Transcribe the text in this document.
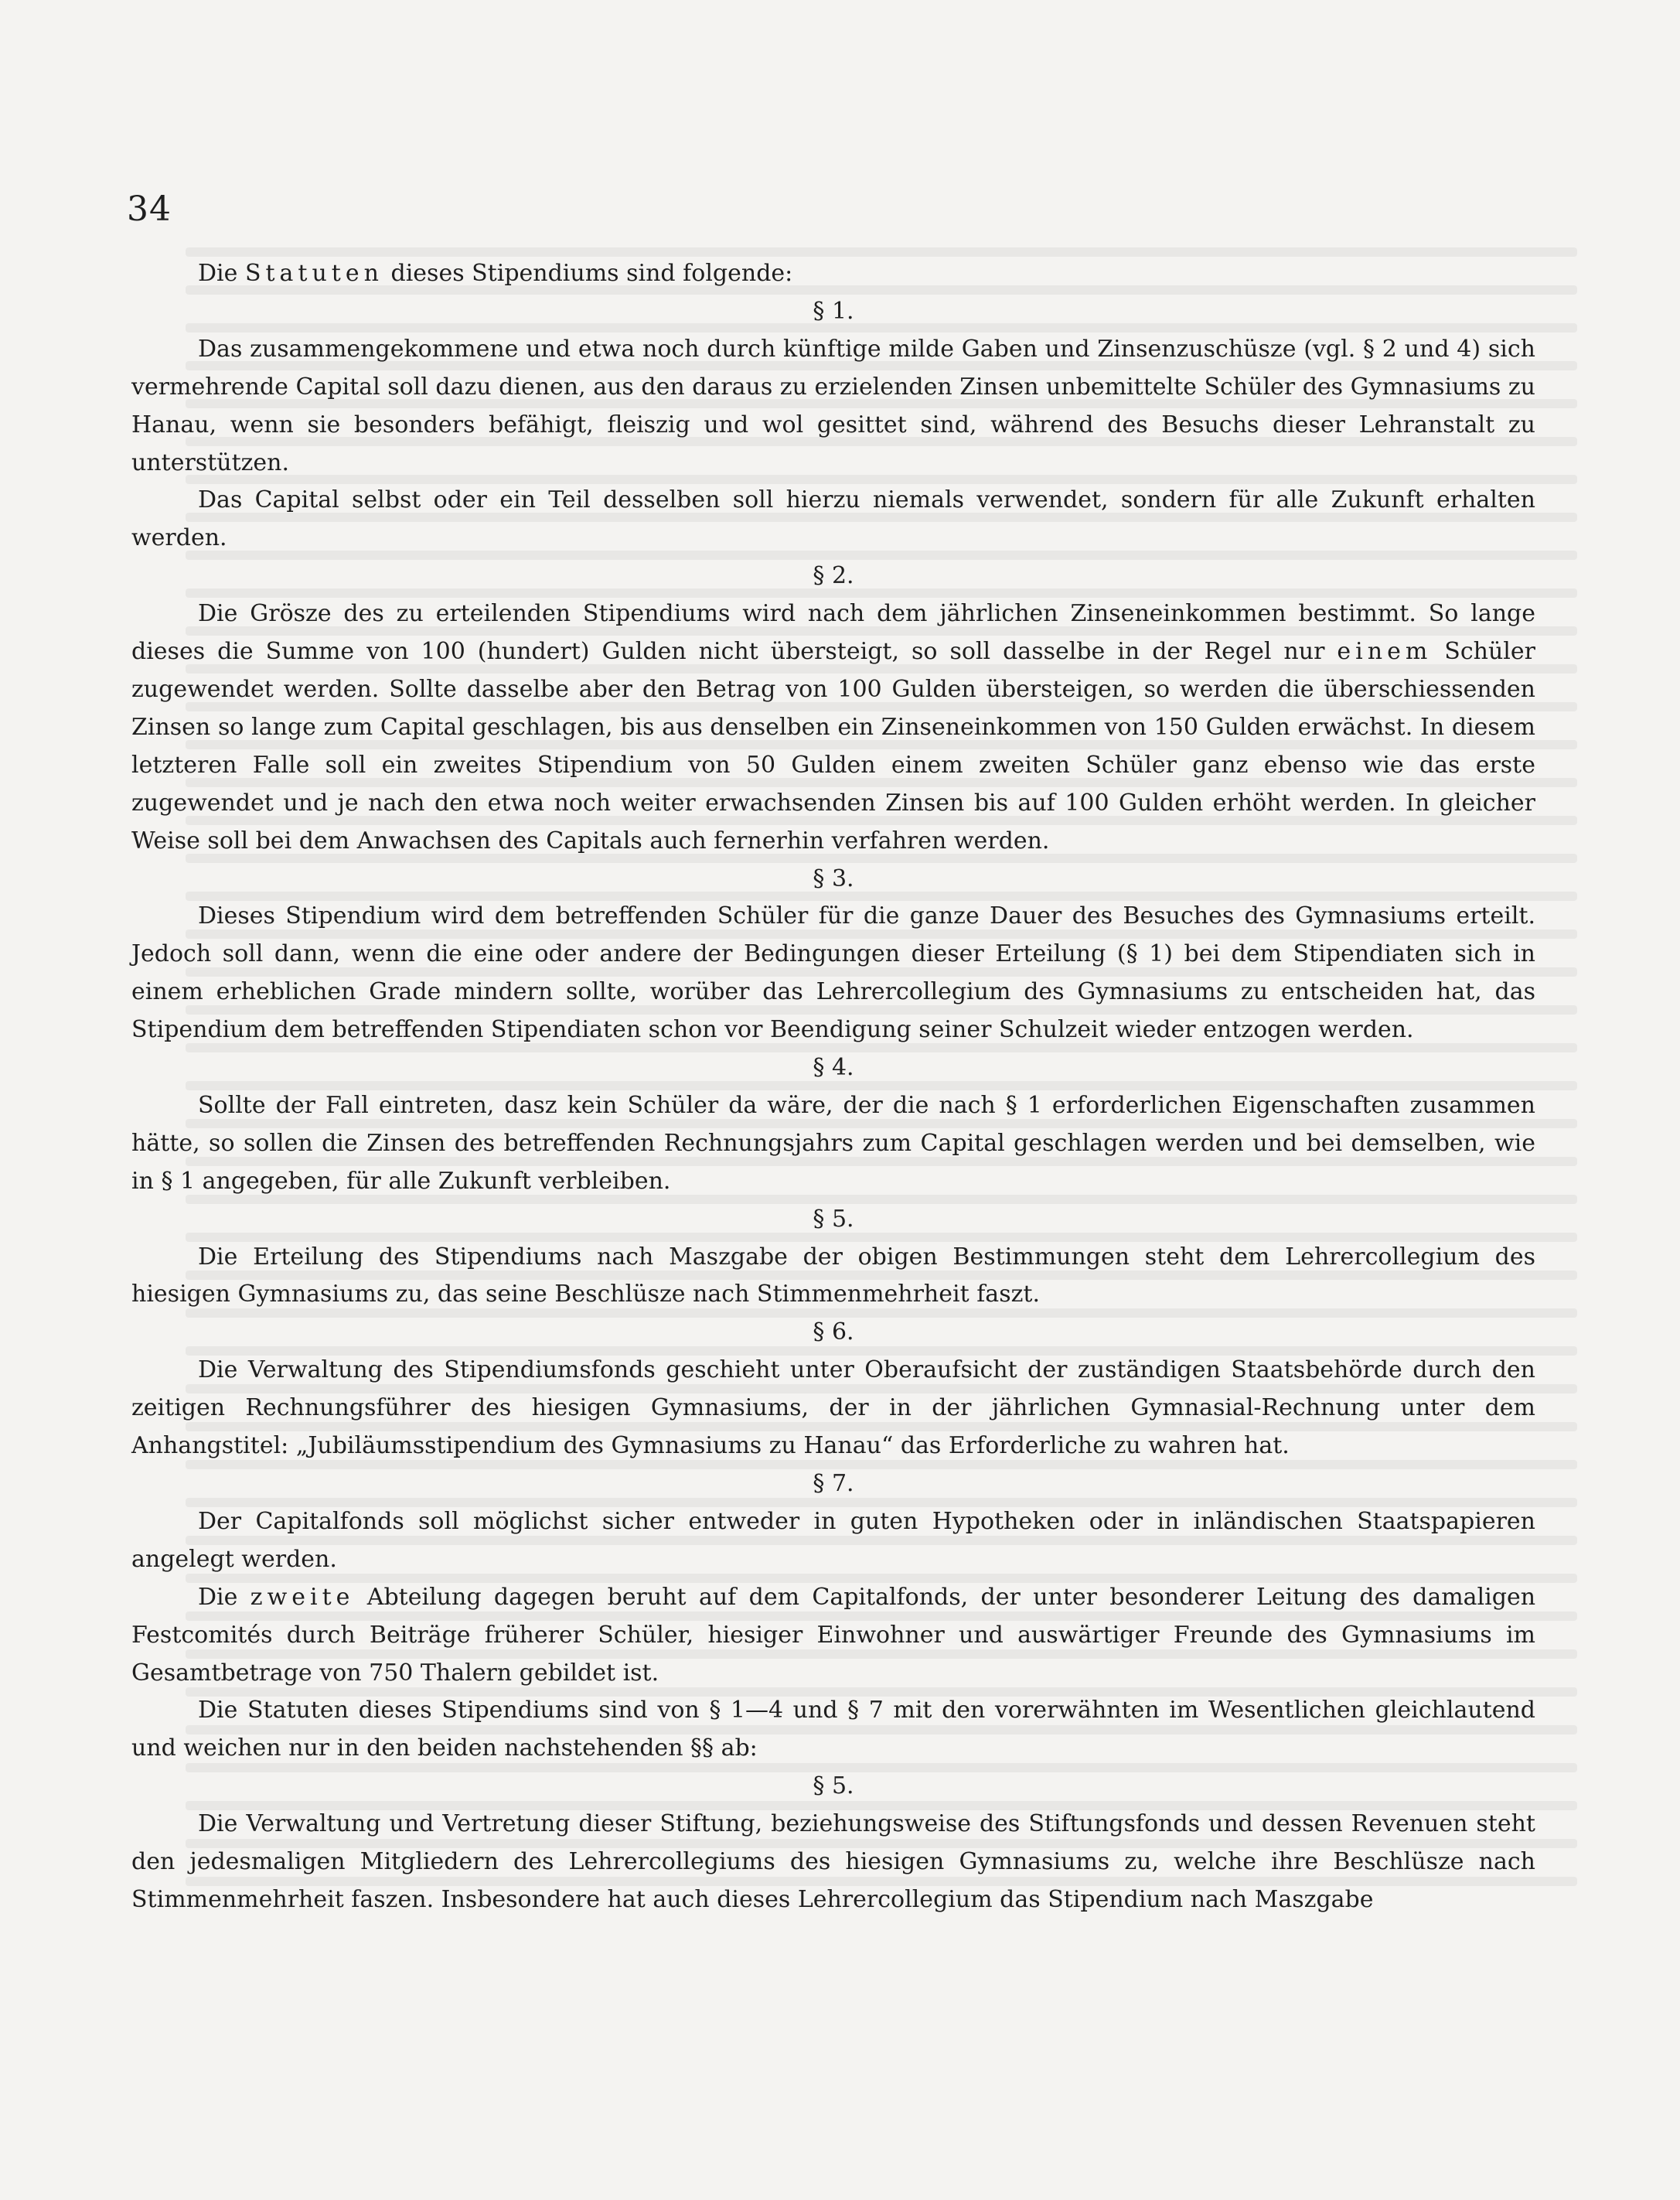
34

Die Statuten dieses Stipendiums sind folgende:

§ 1.

Das zusammengekommene und etwa noch durch künftige milde Gaben und Zinsenzuschüsze (vgl. § 2 und 4) sich vermehrende Capital soll dazu dienen, aus den daraus zu erzielenden Zinsen unbemittelte Schüler des Gymnasiums zu Hanau, wenn sie besonders befähigt, fleiszig und wol gesittet sind, während des Besuchs dieser Lehranstalt zu unterstützen.

Das Capital selbst oder ein Teil desselben soll hierzu niemals verwendet, sondern für alle Zukunft erhalten werden.

§ 2.

Die Grösze des zu erteilenden Stipendiums wird nach dem jährlichen Zinseneinkommen bestimmt. So lange dieses die Summe von 100 (hundert) Gulden nicht übersteigt, so soll dasselbe in der Regel nur einem Schüler zugewendet werden. Sollte dasselbe aber den Betrag von 100 Gulden übersteigen, so werden die überschiessenden Zinsen so lange zum Capital geschlagen, bis aus denselben ein Zinseneinkommen von 150 Gulden erwächst. In diesem letzteren Falle soll ein zweites Stipendium von 50 Gulden einem zweiten Schüler ganz ebenso wie das erste zugewendet und je nach den etwa noch weiter erwachsenden Zinsen bis auf 100 Gulden erhöht werden. In gleicher Weise soll bei dem Anwachsen des Capitals auch fernerhin verfahren werden.

§ 3.

Dieses Stipendium wird dem betreffenden Schüler für die ganze Dauer des Besuches des Gymnasiums erteilt. Jedoch soll dann, wenn die eine oder andere der Bedingungen dieser Erteilung (§ 1) bei dem Stipendiaten sich in einem erheblichen Grade mindern sollte, worüber das Lehrercollegium des Gymnasiums zu entscheiden hat, das Stipendium dem betreffenden Stipendiaten schon vor Beendigung seiner Schulzeit wieder entzogen werden.

§ 4.

Sollte der Fall eintreten, dasz kein Schüler da wäre, der die nach § 1 erforderlichen Eigenschaften zusammen hätte, so sollen die Zinsen des betreffenden Rechnungsjahrs zum Capital geschlagen werden und bei demselben, wie in § 1 angegeben, für alle Zukunft verbleiben.

§ 5.

Die Erteilung des Stipendiums nach Maszgabe der obigen Bestimmungen steht dem Lehrercollegium des hiesigen Gymnasiums zu, das seine Beschlüsze nach Stimmenmehrheit faszt.

§ 6.

Die Verwaltung des Stipendiumsfonds geschieht unter Oberaufsicht der zuständigen Staatsbehörde durch den zeitigen Rechnungsführer des hiesigen Gymnasiums, der in der jährlichen Gymnasial-Rechnung unter dem Anhangstitel: „Jubiläumsstipendium des Gymnasiums zu Hanau“ das Erforderliche zu wahren hat.

§ 7.

Der Capitalfonds soll möglichst sicher entweder in guten Hypotheken oder in inländischen Staatspapieren angelegt werden.

Die zweite Abteilung dagegen beruht auf dem Capitalfonds, der unter besonderer Leitung des damaligen Festcomités durch Beiträge früherer Schüler, hiesiger Einwohner und auswärtiger Freunde des Gymnasiums im Gesamtbetrage von 750 Thalern gebildet ist.

Die Statuten dieses Stipendiums sind von § 1—4 und § 7 mit den vorerwähnten im Wesentlichen gleichlautend und weichen nur in den beiden nachstehenden §§ ab:

§ 5.

Die Verwaltung und Vertretung dieser Stiftung, beziehungsweise des Stiftungsfonds und dessen Revenuen steht den jedesmaligen Mitgliedern des Lehrercollegiums des hiesigen Gymnasiums zu, welche ihre Beschlüsze nach Stimmenmehrheit faszen. Insbesondere hat auch dieses Lehrercollegium das Stipendium nach Maszgabe
